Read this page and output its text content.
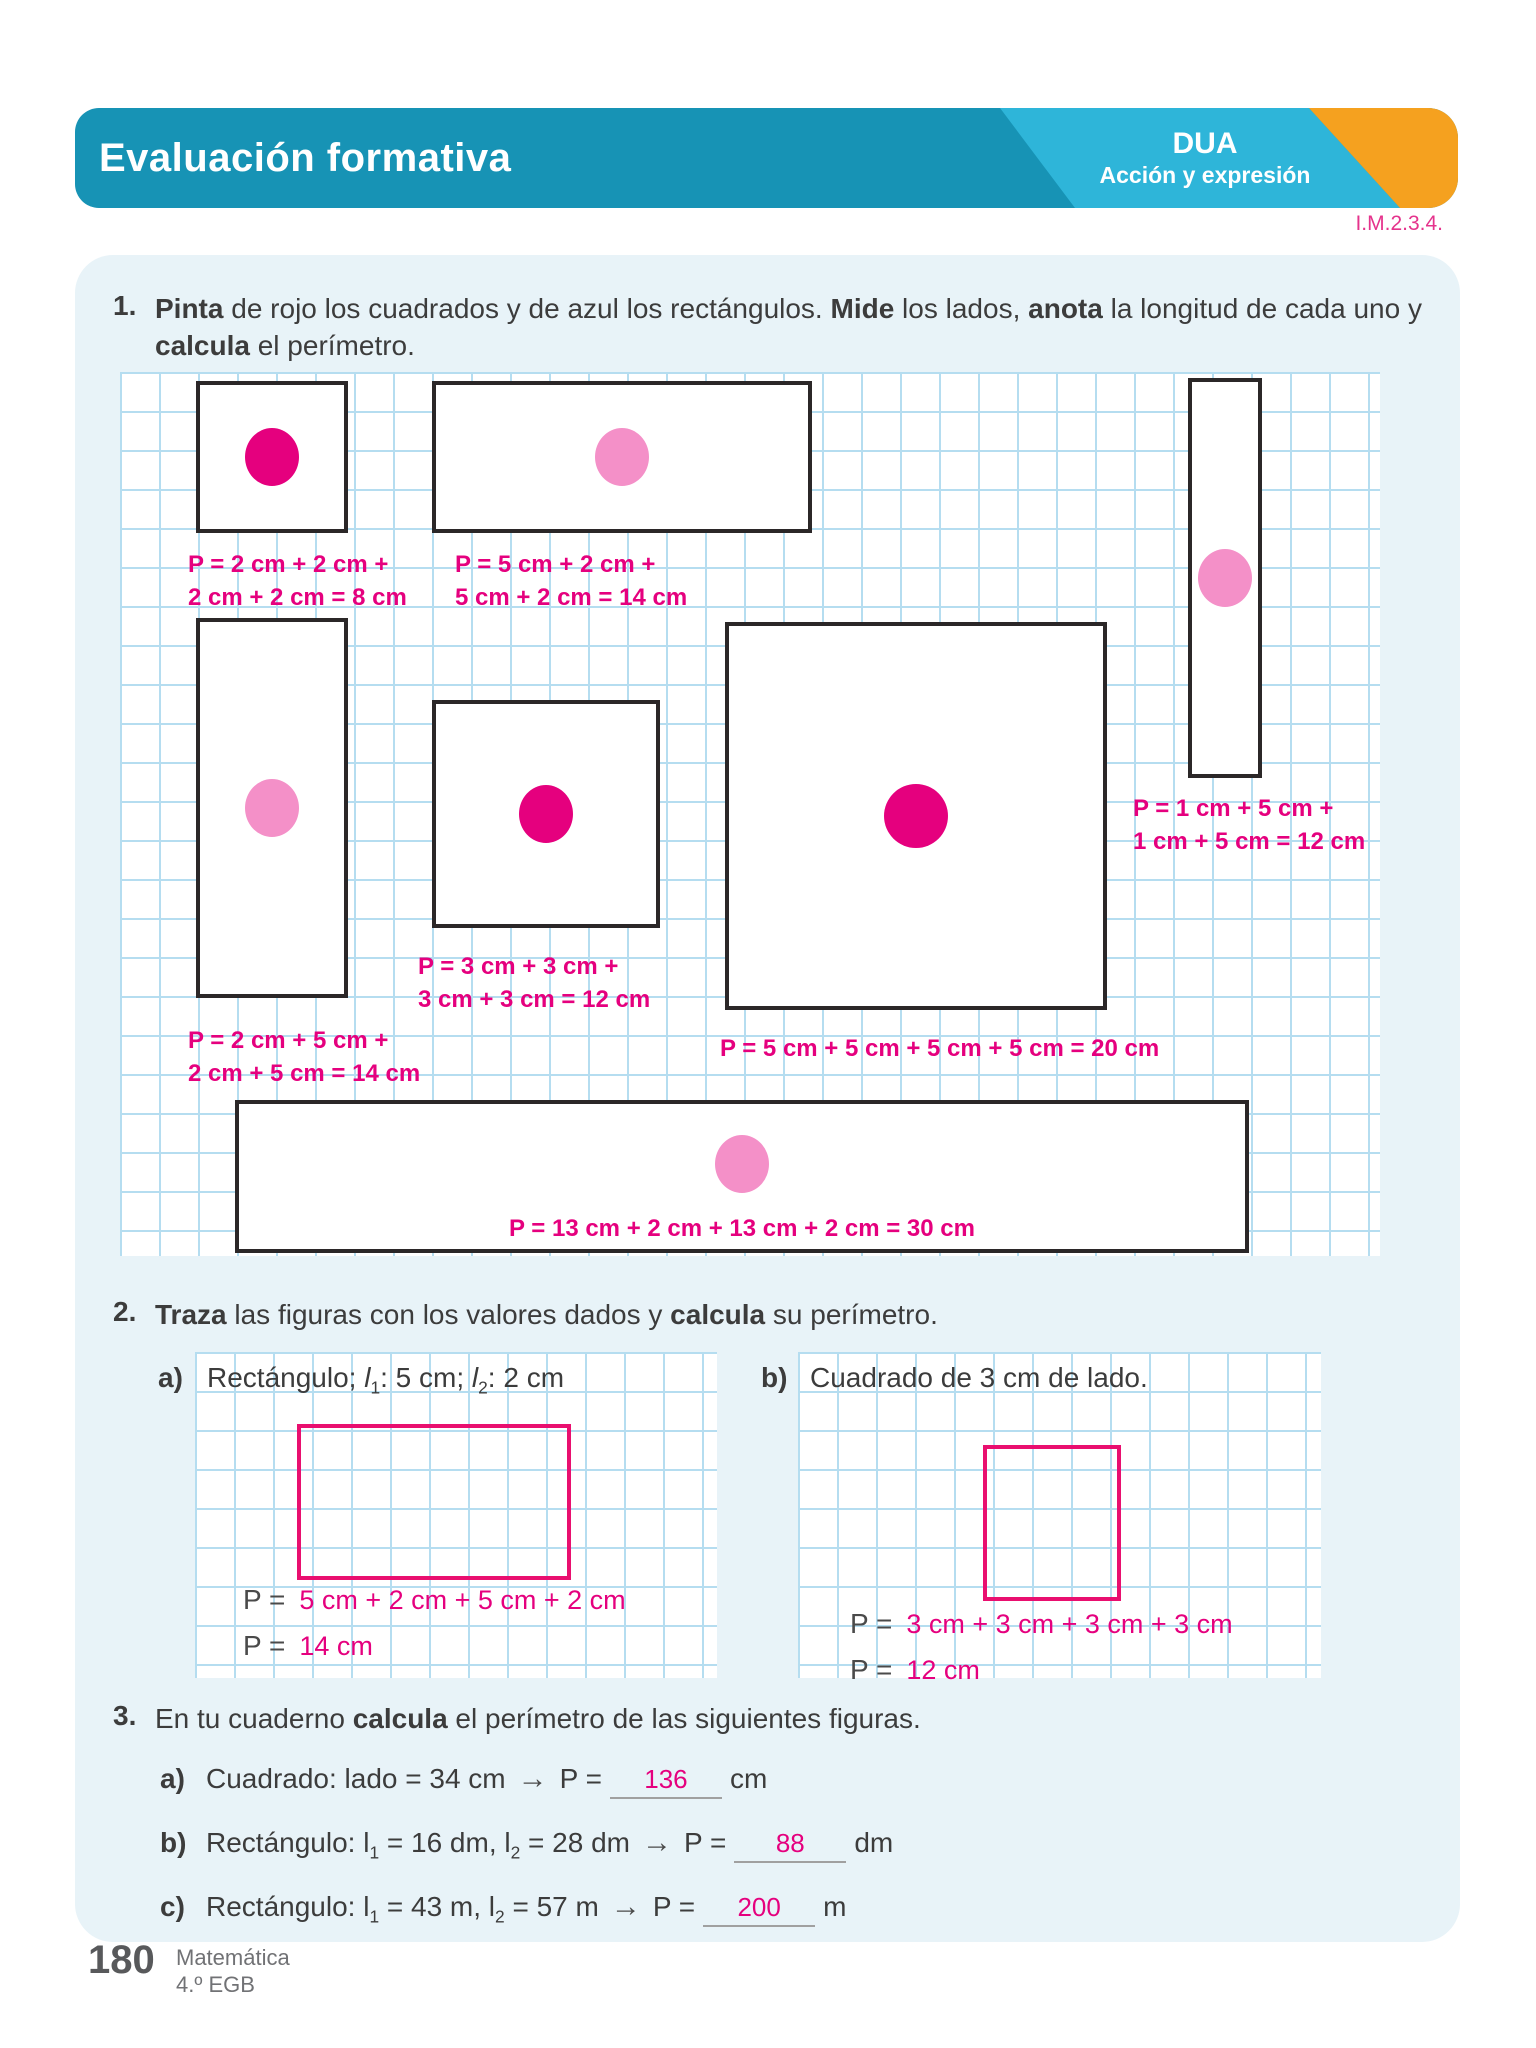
Evaluación formativa	DUA
Acción y expresión
I.M.2.3.4.
1. Pinta de rojo los cuadrados y de azul los rectángulos. Mide los lados, anota la longitud de cada uno y calcula el perímetro.
P = 13 cm + 2 cm + 13 cm + 2 cm = 30 cm
P = 2 cm + 2 cm +
2 cm + 2 cm = 8 cm
P = 5 cm + 2 cm +
5 cm + 2 cm = 14 cm
P = 1 cm + 5 cm +
1 cm + 5 cm = 12 cm
P = 2 cm + 5 cm +
2 cm + 5 cm = 14 cm
P = 3 cm + 3 cm +
3 cm + 3 cm = 12 cm
P = 5 cm + 5 cm + 5 cm + 5 cm = 20 cm
2. Traza las figuras con los valores dados y calcula su perímetro.
a) Rectángulo; $l_1$: 5 cm; $l_2$: 2 cm
P = 5 cm + 2 cm + 5 cm + 2 cm
P = 14 cm
b) Cuadrado de 3 cm de lado.
P = 3 cm + 3 cm + 3 cm + 3 cm
P = 12 cm
3. En tu cuaderno calcula el perímetro de las siguientes figuras.
a) Cuadrado: lado = 34 cm → P =	136	cm
b) Rectángulo: $l_1 = 16$ dm, $l_2 = 28$ dm → P =	88	dm
c) Rectángulo: $l_1 = 43$ m, $l_2 = 57$ m → P =	200	m
180 Matemática
4.º EGB
